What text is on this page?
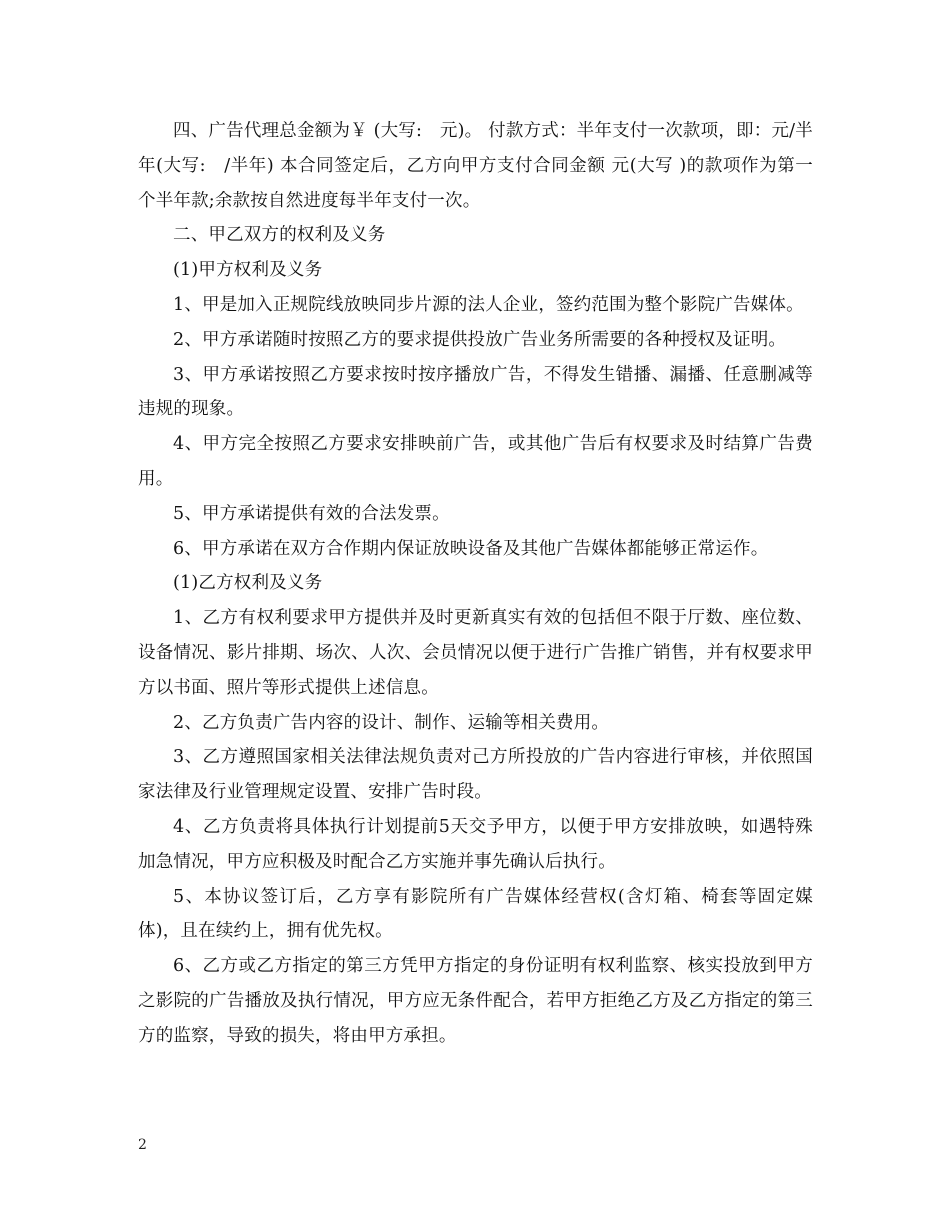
四、广告代理总金额为￥ (大写:　元)。 付款方式：半年支付一次款项，即：元/半年(大写:　/半年) 本合同签定后，乙方向甲方支付合同金额 元(大写 )的款项作为第一个半年款;余款按自然进度每半年支付一次。

二、甲乙双方的权利及义务

(1)甲方权利及义务

1、甲是加入正规院线放映同步片源的法人企业，签约范围为整个影院广告媒体。

2、甲方承诺随时按照乙方的要求提供投放广告业务所需要的各种授权及证明。

3、甲方承诺按照乙方要求按时按序播放广告，不得发生错播、漏播、任意删减等违规的现象。

4、甲方完全按照乙方要求安排映前广告，或其他广告后有权要求及时结算广告费用。

5、甲方承诺提供有效的合法发票。

6、甲方承诺在双方合作期内保证放映设备及其他广告媒体都能够正常运作。

(1)乙方权利及义务

1、乙方有权利要求甲方提供并及时更新真实有效的包括但不限于厅数、座位数、设备情况、影片排期、场次、人次、会员情况以便于进行广告推广销售，并有权要求甲方以书面、照片等形式提供上述信息。

2、乙方负责广告内容的设计、制作、运输等相关费用。

3、乙方遵照国家相关法律法规负责对己方所投放的广告内容进行审核，并依照国家法律及行业管理规定设置、安排广告时段。

4、乙方负责将具体执行计划提前5天交予甲方，以便于甲方安排放映，如遇特殊加急情况，甲方应积极及时配合乙方实施并事先确认后执行。

5、本协议签订后，乙方享有影院所有广告媒体经营权(含灯箱、椅套等固定媒体)，且在续约上，拥有优先权。

6、乙方或乙方指定的第三方凭甲方指定的身份证明有权利监察、核实投放到甲方之影院的广告播放及执行情况，甲方应无条件配合，若甲方拒绝乙方及乙方指定的第三方的监察，导致的损失，将由甲方承担。

2
